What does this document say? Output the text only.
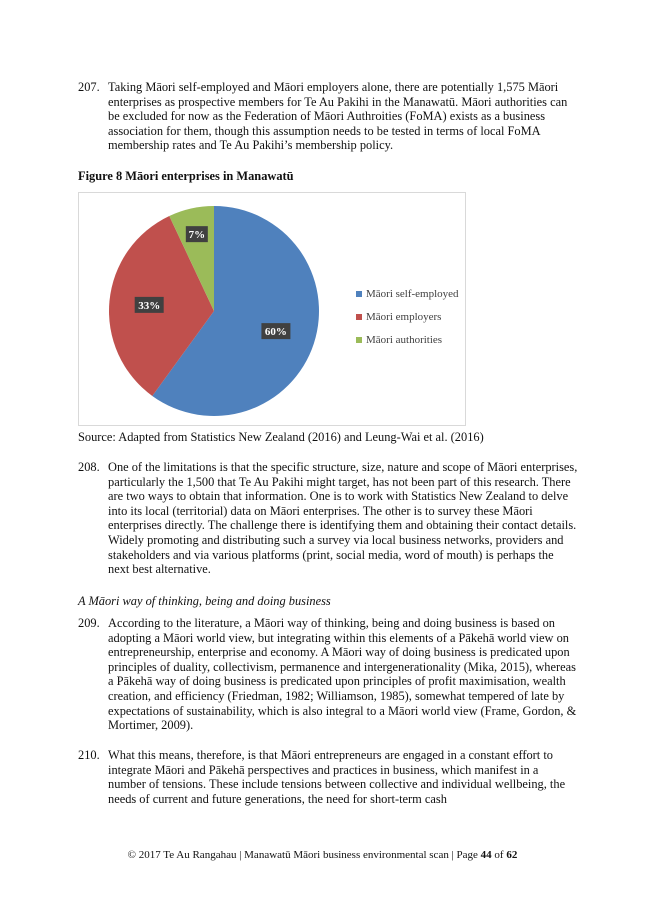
207. Taking Māori self-employed and Māori employers alone, there are potentially 1,575 Māori enterprises as prospective members for Te Au Pakihi in the Manawatū. Māori authorities can be excluded for now as the Federation of Māori Authroities (FoMA) exists as a business association for them, though this assumption needs to be tested in terms of local FoMA membership rates and Te Au Pakihi’s membership policy.

Figure 8 Māori enterprises in Manawatū

60%
33%
7%
Māori self-employed
Māori employers
Māori authorities

Source: Adapted from Statistics New Zealand (2016) and Leung-Wai et al. (2016)

208. One of the limitations is that the specific structure, size, nature and scope of Māori enterprises, particularly the 1,500 that Te Au Pakihi might target, has not been part of this research. There are two ways to obtain that information. One is to work with Statistics New Zealand to delve into its local (territorial) data on Māori enterprises. The other is to survey these Māori enterprises directly. The challenge there is identifying them and obtaining their contact details. Widely promoting and distributing such a survey via local business networks, providers and stakeholders and via various platforms (print, social media, word of mouth) is perhaps the next best alternative.

A Māori way of thinking, being and doing business

209. According to the literature, a Māori way of thinking, being and doing business is based on adopting a Māori world view, but integrating within this elements of a Pākehā world view on entrepreneurship, enterprise and economy. A Māori way of doing business is predicated upon principles of duality, collectivism, permanence and intergenerationality (Mika, 2015), whereas a Pākehā way of doing business is predicated upon principles of profit maximisation, wealth creation, and efficiency (Friedman, 1982; Williamson, 1985), somewhat tempered of late by expectations of sustainability, which is also integral to a Māori world view (Frame, Gordon, & Mortimer, 2009).

210. What this means, therefore, is that Māori entrepreneurs are engaged in a constant effort to integrate Māori and Pākehā perspectives and practices in business, which manifest in a number of tensions. These include tensions between collective and individual wellbeing, the needs of current and future generations, the need for short-term cash

© 2017 Te Au Rangahau | Manawatū Māori business environmental scan | Page 44 of 62
